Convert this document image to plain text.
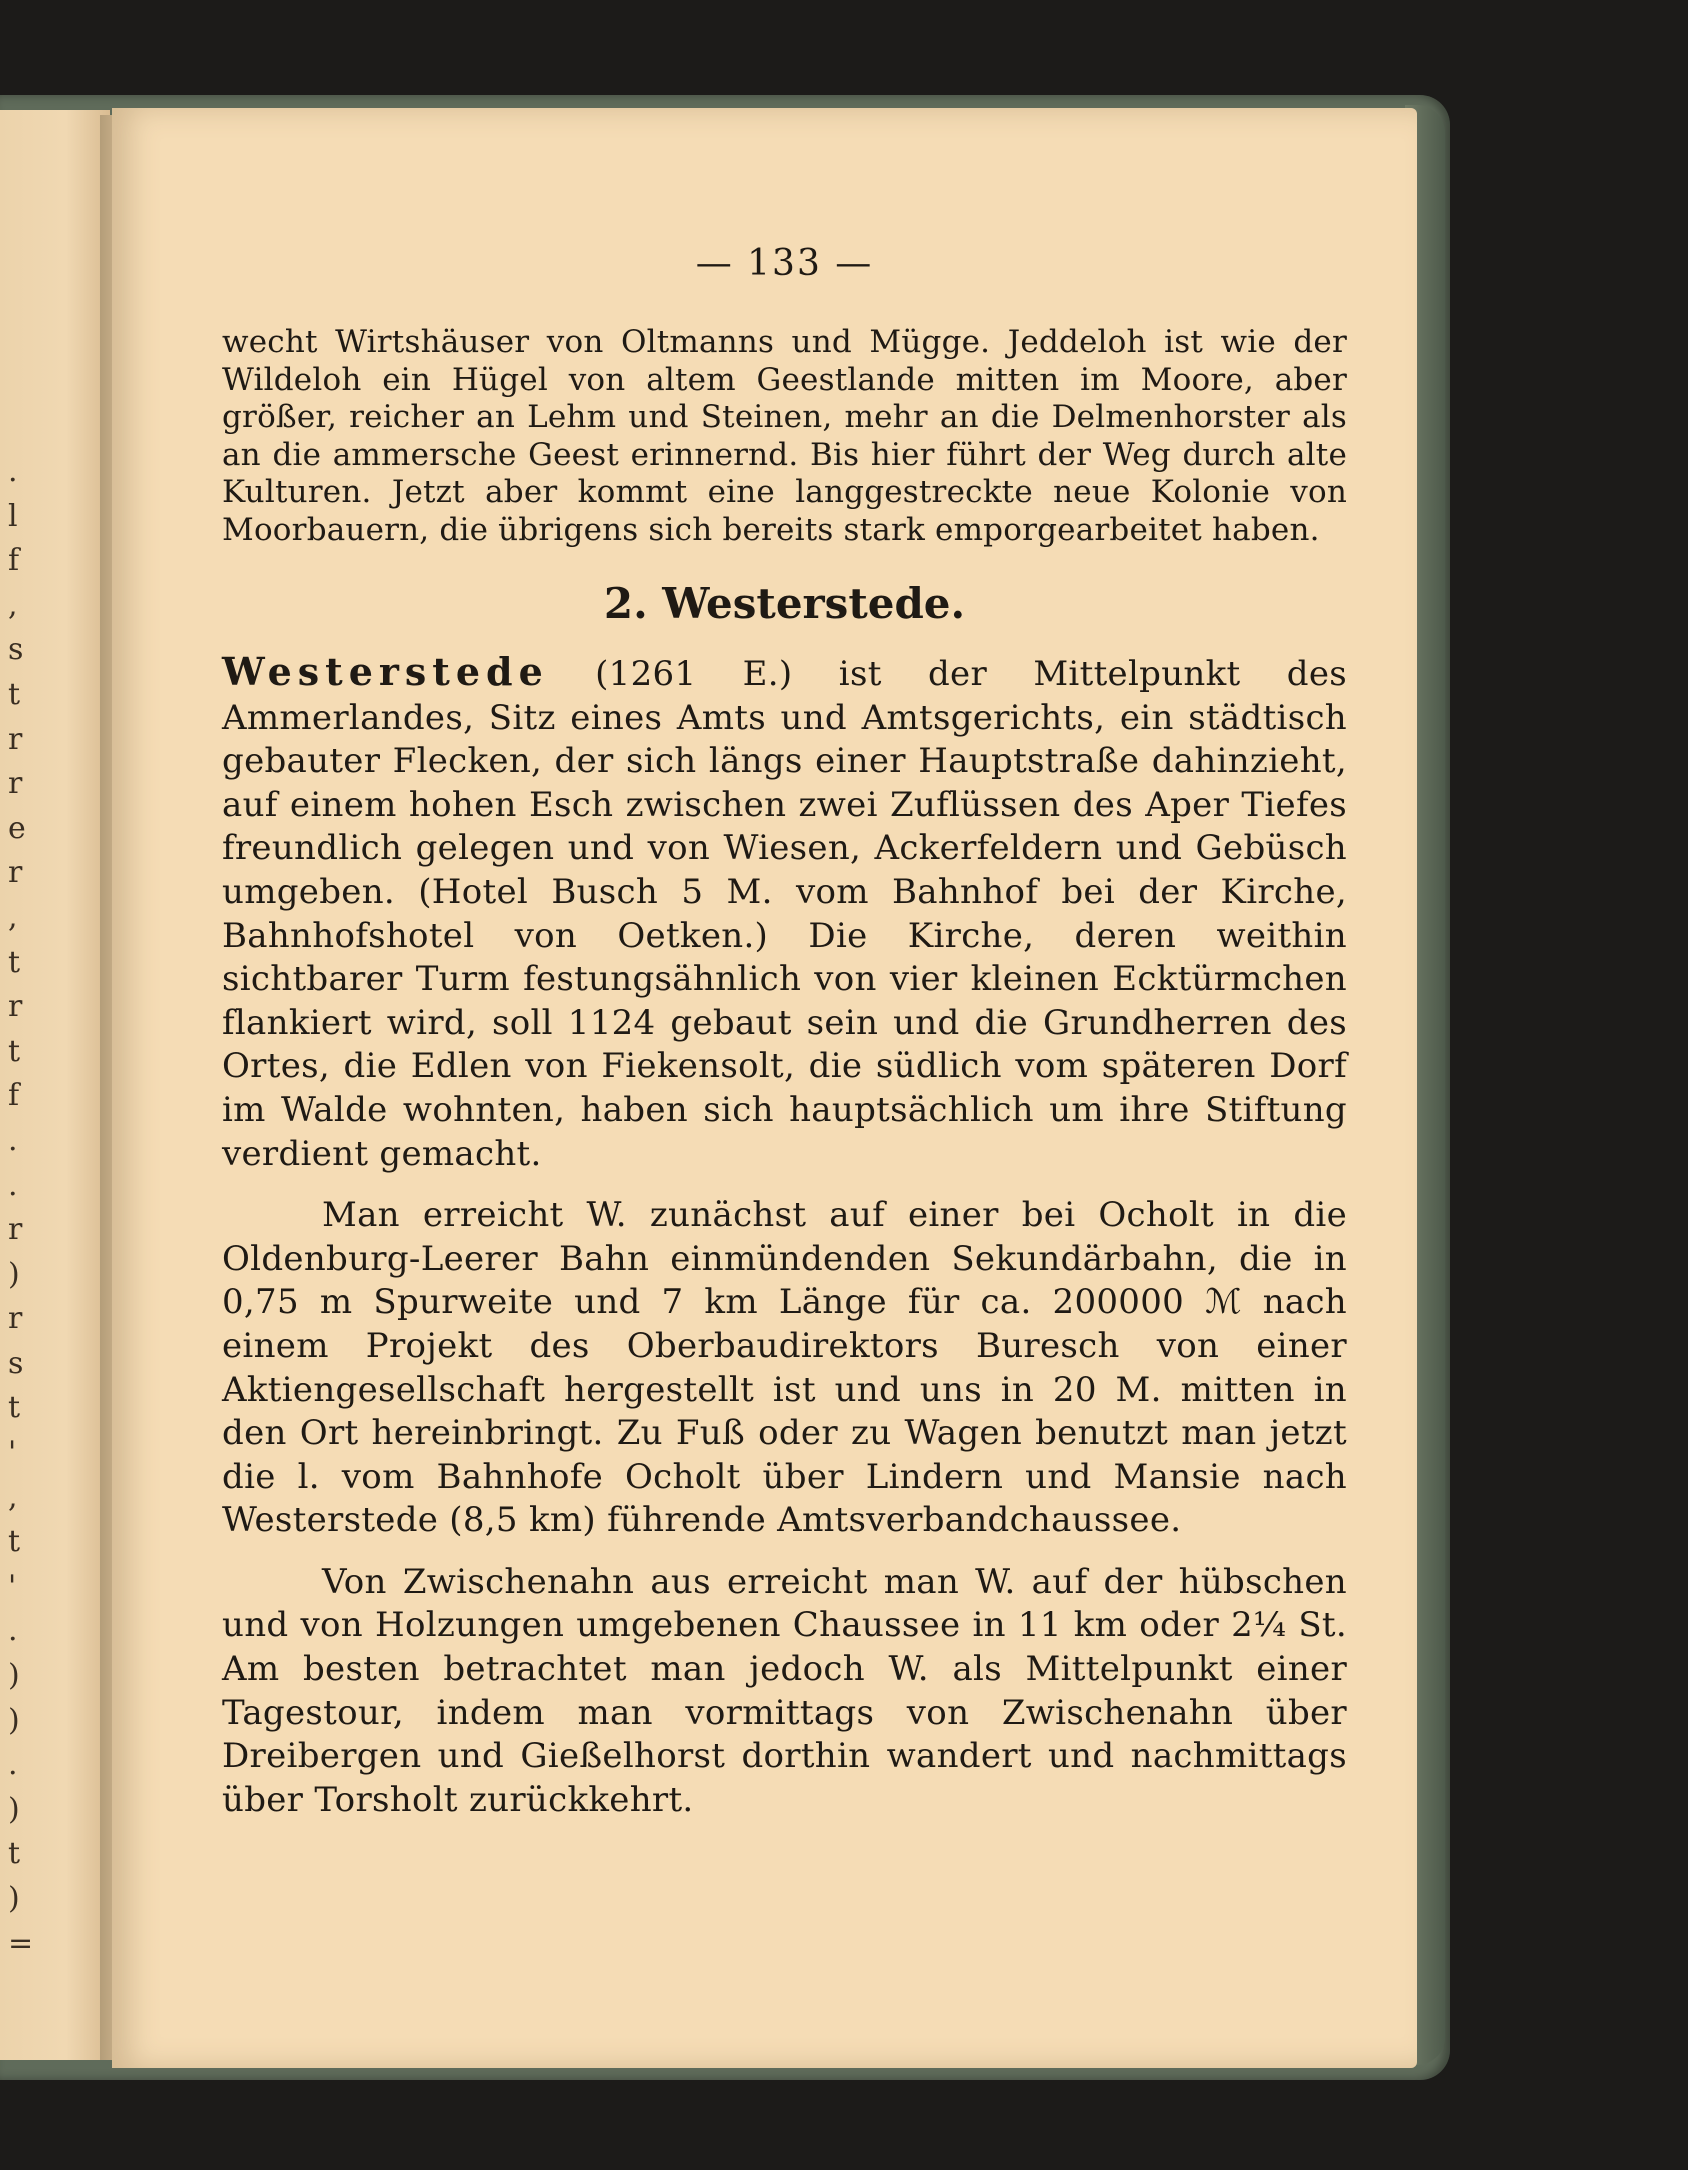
. l f , s t r r e r , t r t f . . r ) r s t ' , t ' . ) ) . ) t ) =
— 133 —

wecht Wirtshäuser von Oltmanns und Mügge. Jeddeloh ist wie der Wildeloh ein Hügel von altem Geestlande mitten im Moore, aber größer, reicher an Lehm und Steinen, mehr an die Delmenhorster als an die ammersche Geest erinnernd. Bis hier führt der Weg durch alte Kulturen. Jetzt aber kommt eine langgestreckte neue Kolonie von Moorbauern, die übrigens sich bereits stark emporgearbeitet haben.

2. Westerstede.

Westerstede (1261 E.) ist der Mittelpunkt des Ammerlandes, Sitz eines Amts und Amtsgerichts, ein städtisch gebauter Flecken, der sich längs einer Hauptstraße dahinzieht, auf einem hohen Esch zwischen zwei Zuflüssen des Aper Tiefes freundlich gelegen und von Wiesen, Ackerfeldern und Gebüsch umgeben. (Hotel Busch 5 M. vom Bahnhof bei der Kirche, Bahnhofshotel von Oetken.) Die Kirche, deren weithin sichtbarer Turm festungsähnlich von vier kleinen Ecktürmchen flankiert wird, soll 1124 gebaut sein und die Grundherren des Ortes, die Edlen von Fiekensolt, die südlich vom späteren Dorf im Walde wohnten, haben sich hauptsächlich um ihre Stiftung verdient gemacht.

Man erreicht W. zunächst auf einer bei Ocholt in die Oldenburg-Leerer Bahn einmündenden Sekundärbahn, die in 0,75 m Spurweite und 7 km Länge für ca. 200000 ℳ nach einem Projekt des Oberbaudirektors Buresch von einer Aktiengesellschaft hergestellt ist und uns in 20 M. mitten in den Ort hereinbringt. Zu Fuß oder zu Wagen benutzt man jetzt die l. vom Bahnhofe Ocholt über Lindern und Mansie nach Westerstede (8,5 km) führende Amtsverbandchaussee.

Von Zwischenahn aus erreicht man W. auf der hübschen und von Holzungen umgebenen Chaussee in 11 km oder 2¼ St. Am besten betrachtet man jedoch W. als Mittelpunkt einer Tagestour, indem man vormittags von Zwischenahn über Dreibergen und Gießelhorst dorthin wandert und nachmittags über Torsholt zurückkehrt.
